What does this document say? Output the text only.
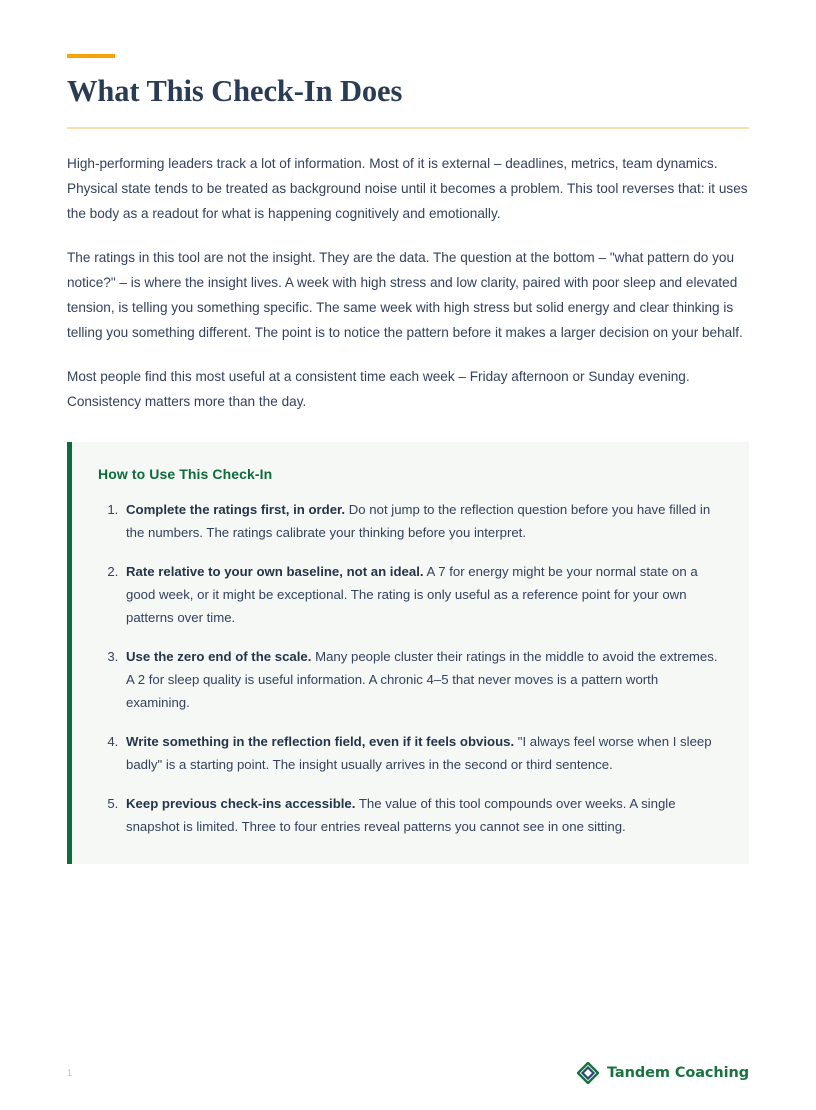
What This Check-In Does

High-performing leaders track a lot of information. Most of it is external – deadlines, metrics, team dynamics. Physical state tends to be treated as background noise until it becomes a problem. This tool reverses that: it uses the body as a readout for what is happening cognitively and emotionally.

The ratings in this tool are not the insight. They are the data. The question at the bottom – "what pattern do you notice?" – is where the insight lives. A week with high stress and low clarity, paired with poor sleep and elevated tension, is telling you something specific. The same week with high stress but solid energy and clear thinking is telling you something different. The point is to notice the pattern before it makes a larger decision on your behalf.

Most people find this most useful at a consistent time each week – Friday afternoon or Sunday evening. Consistency matters more than the day.

How to Use This Check-In
1. Complete the ratings first, in order. Do not jump to the reflection question before you have filled in the numbers. The ratings calibrate your thinking before you interpret.
2. Rate relative to your own baseline, not an ideal. A 7 for energy might be your normal state on a good week, or it might be exceptional. The rating is only useful as a reference point for your own patterns over time.
3. Use the zero end of the scale. Many people cluster their ratings in the middle to avoid the extremes. A 2 for sleep quality is useful information. A chronic 4–5 that never moves is a pattern worth examining.
4. Write something in the reflection field, even if it feels obvious. "I always feel worse when I sleep badly" is a starting point. The insight usually arrives in the second or third sentence.
5. Keep previous check-ins accessible. The value of this tool compounds over weeks. A single snapshot is limited. Three to four entries reveal patterns you cannot see in one sitting.
1	Tandem Coaching
